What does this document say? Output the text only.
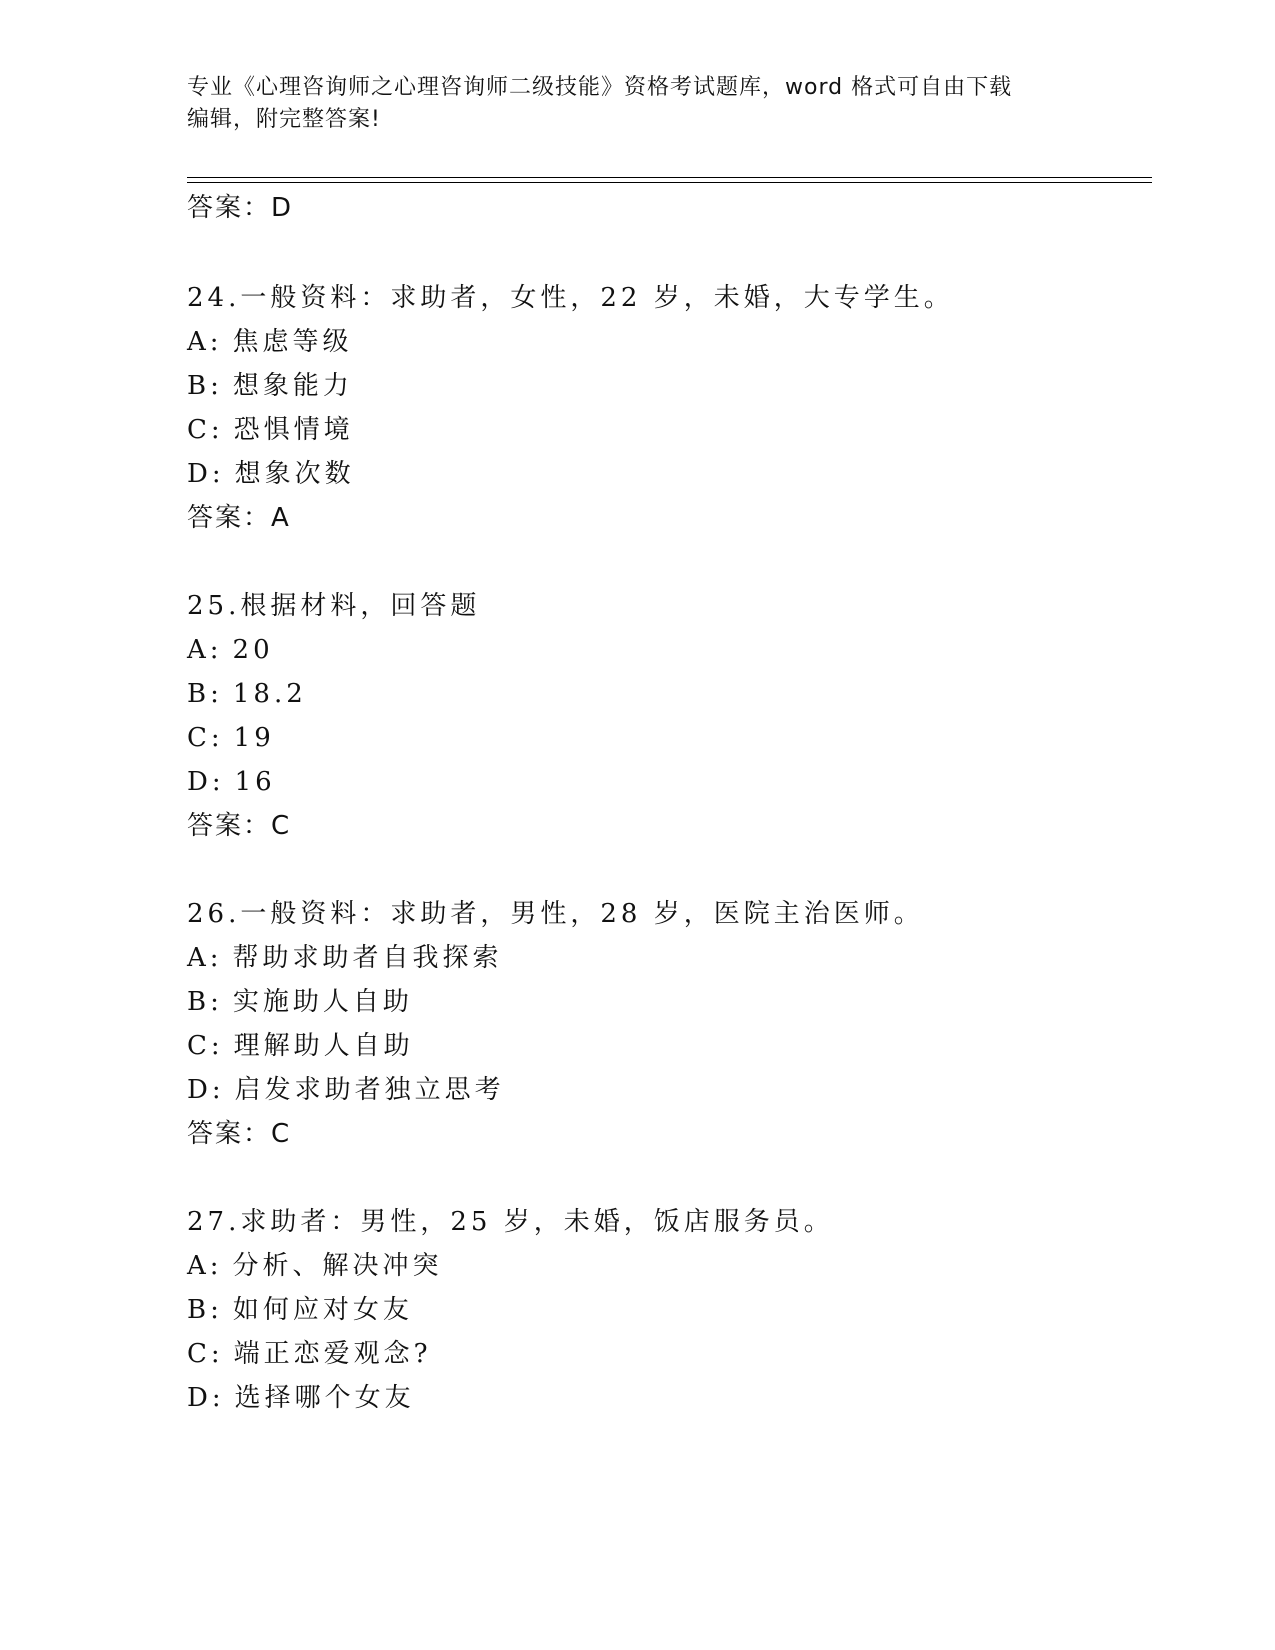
专业《心理咨询师之心理咨询师二级技能》资格考试题库，word 格式可自由下载
编辑，附完整答案!
答案：D
24.一般资料：求助者，女性，22 岁，未婚，大专学生。
A: 焦虑等级
B: 想象能力
C: 恐惧情境
D: 想象次数
答案：A
25.根据材料，回答题
A: 20
B: 18.2
C: 19
D: 16
答案：C
26.一般资料：求助者，男性，28 岁，医院主治医师。
A: 帮助求助者自我探索
B: 实施助人自助
C: 理解助人自助
D: 启发求助者独立思考
答案：C
27.求助者：男性，25 岁，未婚，饭店服务员。
A: 分析、解决冲突
B: 如何应对女友
C: 端正恋爱观念?
D: 选择哪个女友
